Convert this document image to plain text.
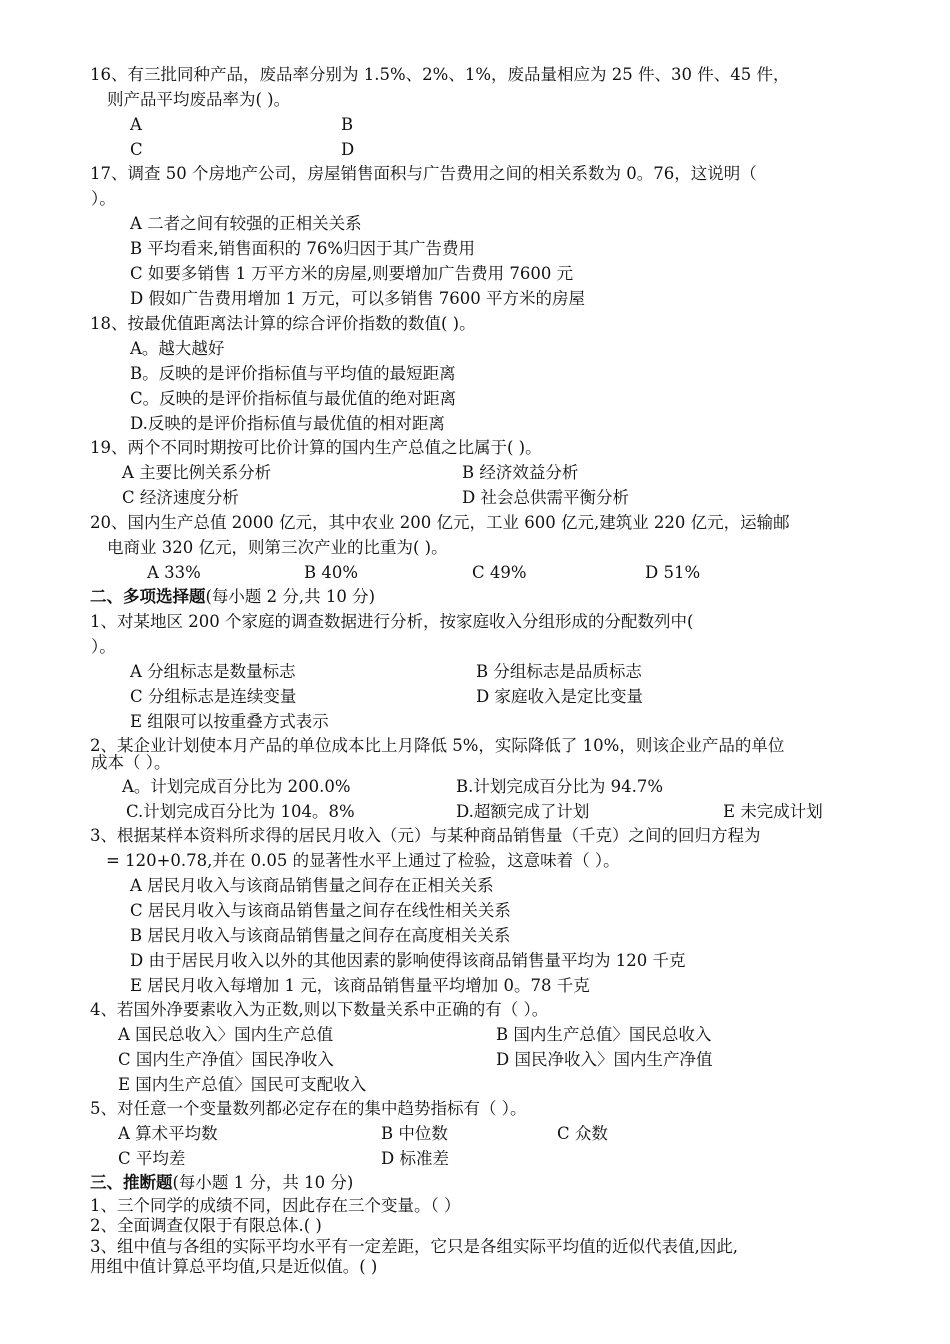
16、有三批同种产品，废品率分别为 1.5%、2%、1%，废品量相应为 25 件、30 件、45 件，
则产品平均废品率为( )。
A	B
C	D
17、调查 50 个房地产公司，房屋销售面积与广告费用之间的相关系数为 0。76，这说明（
）。
A 二者之间有较强的正相关关系
B 平均看来,销售面积的 76%归因于其广告费用
C 如要多销售 1 万平方米的房屋,则要增加广告费用 7600 元
D 假如广告费用增加 1 万元，可以多销售 7600 平方米的房屋
18、按最优值距离法计算的综合评价指数的数值( )。
A。越大越好
B。反映的是评价指标值与平均值的最短距离
C。反映的是评价指标值与最优值的绝对距离
D.反映的是评价指标值与最优值的相对距离
19、两个不同时期按可比价计算的国内生产总值之比属于( )。
A 主要比例关系分析	B 经济效益分析
C 经济速度分析	D 社会总供需平衡分析
20、国内生产总值 2000 亿元，其中农业 200 亿元，工业 600 亿元,建筑业 220 亿元，运输邮
电商业 320 亿元，则第三次产业的比重为( )。
A 33%	B 40%	C 49%	D 51%
二、多项选择题(每小题 2 分,共 10 分)
1、对某地区 200 个家庭的调查数据进行分析，按家庭收入分组形成的分配数列中(
）。
A 分组标志是数量标志	B 分组标志是品质标志
C 分组标志是连续变量	D 家庭收入是定比变量
E 组限可以按重叠方式表示
2、某企业计划使本月产品的单位成本比上月降低 5%，实际降低了 10%，则该企业产品的单位
成本（ ）。
A。计划完成百分比为 200.0%	B.计划完成百分比为 94.7%
C.计划完成百分比为 104。8%	D.超额完成了计划	E 未完成计划
3、根据某样本资料所求得的居民月收入（元）与某种商品销售量（千克）之间的回归方程为
= 120+0.78,并在 0.05 的显著性水平上通过了检验，这意味着（ ）。
A 居民月收入与该商品销售量之间存在正相关关系
C 居民月收入与该商品销售量之间存在线性相关关系
B 居民月收入与该商品销售量之间存在高度相关关系
D 由于居民月收入以外的其他因素的影响使得该商品销售量平均为 120 千克
E 居民月收入每增加 1 元，该商品销售量平均增加 0。78 千克
4、若国外净要素收入为正数,则以下数量关系中正确的有（ ）。
A 国民总收入〉国内生产总值	B 国内生产总值〉国民总收入
C 国内生产净值〉国民净收入	D 国民净收入〉国内生产净值
E 国内生产总值〉国民可支配收入
5、对任意一个变量数列都必定存在的集中趋势指标有（ ）。
A 算术平均数	B 中位数	C 众数
C 平均差	D 标准差
三、推断题(每小题 1 分，共 10 分)
1、三个同学的成绩不同，因此存在三个变量。（ ）
2、全面调查仅限于有限总体.( )
3、组中值与各组的实际平均水平有一定差距，它只是各组实际平均值的近似代表值,因此,
用组中值计算总平均值,只是近似值。( )
